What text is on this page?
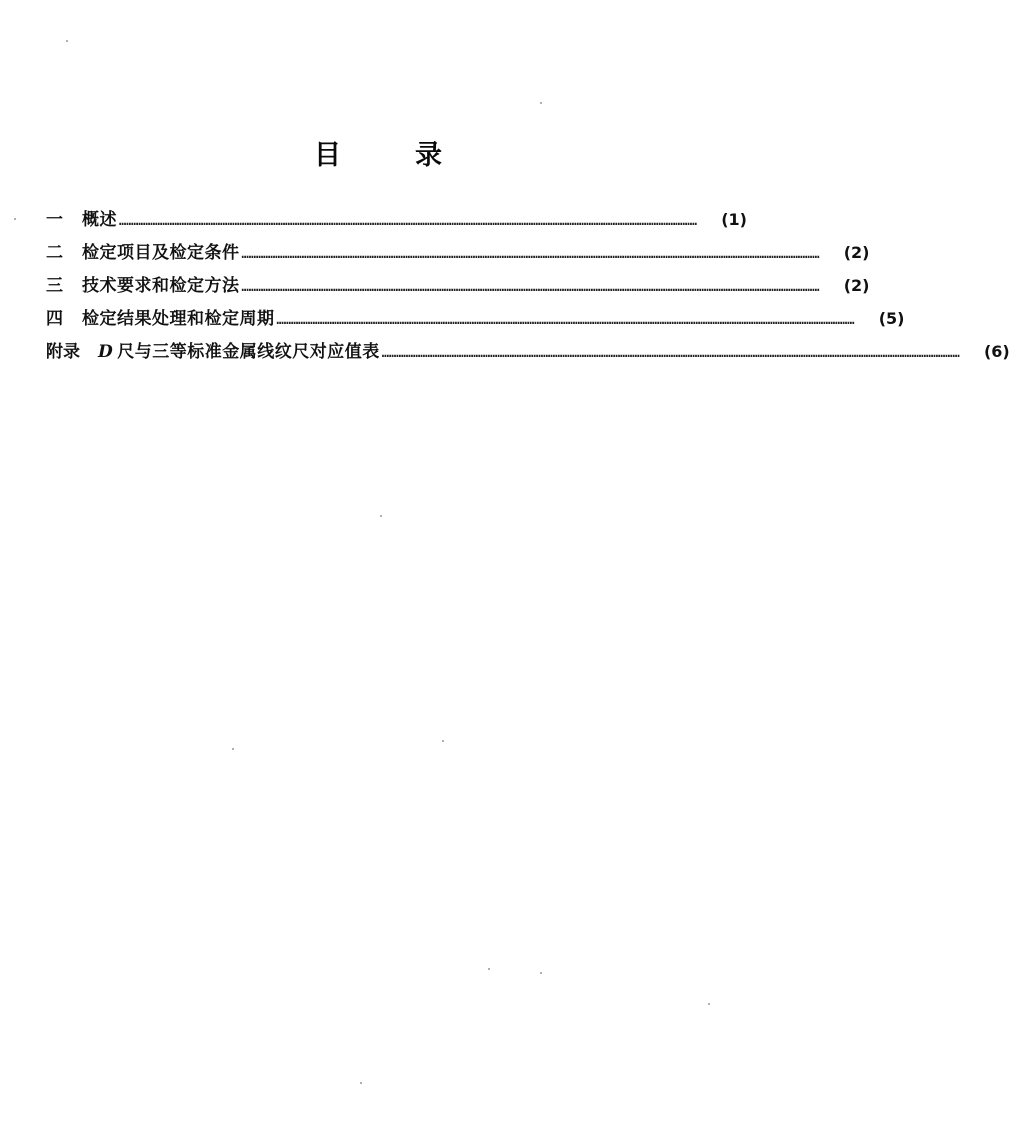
目	录
一	概述 ……………………………………………………………………………………………………………………………………………………………………………………………………………………	(1)
二	检定项目及检定条件 ……………………………………………………………………………………………………………………………………………………………………………………………………………………	(2)
三	技术要求和检定方法 ……………………………………………………………………………………………………………………………………………………………………………………………………………………	(2)
四	检定结果处理和检定周期 ……………………………………………………………………………………………………………………………………………………………………………………………………………………	(5)
附录	D 尺与三等标准金属线纹尺对应值表 ……………………………………………………………………………………………………………………………………………………………………………………………………………………	(6)
